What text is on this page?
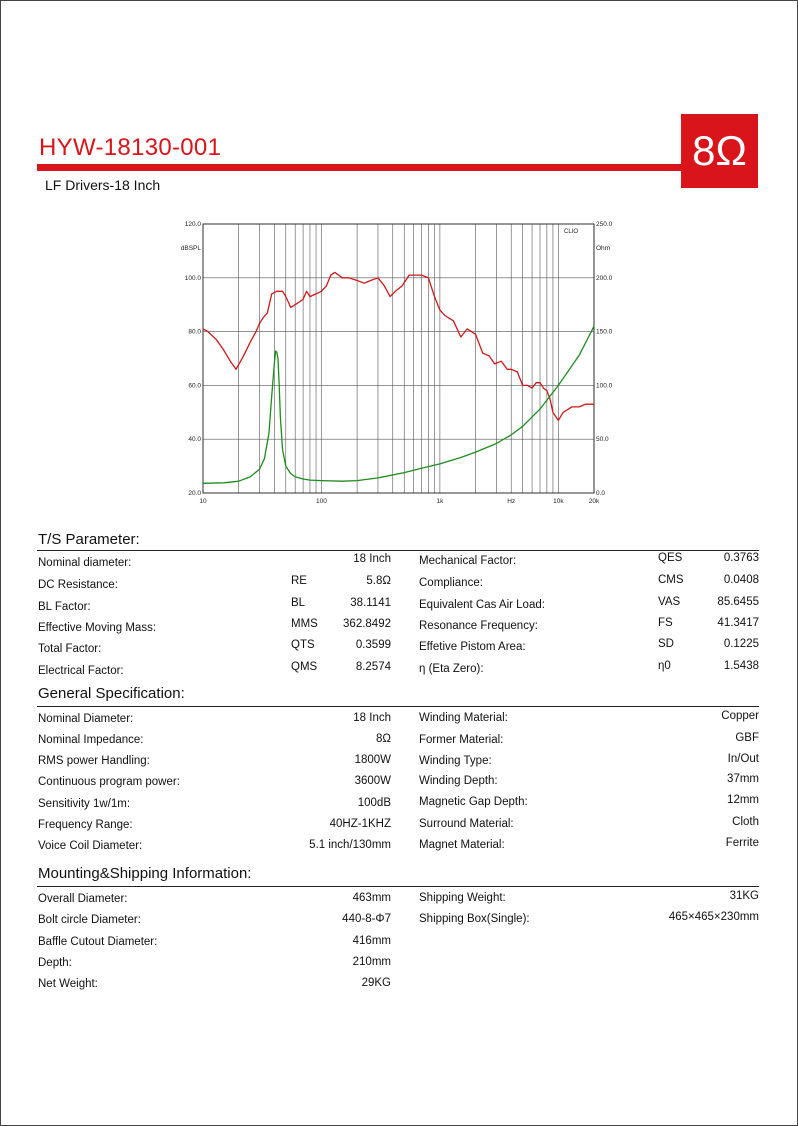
HYW-18130-001	8Ω
LF Drivers-18 Inch
20.0
40.0
60.0
80.0
100.0
120.0
dBSPL
0.0
50.0
100.0
150.0
200.0
250.0
Ohm
10	100	1k	Hz	10k	20k
CLIO
T/S Parameter:
Nominal diameter:	18 Inch
DC Resistance:	RE	5.8Ω
BL Factor:	BL	38.1141
Effective Moving Mass:	MMS	362.8492
Total Factor:	QTS	0.3599
Electrical Factor:	QMS	8.2574
Mechanical Factor:	QES	0.3763
Compliance:	CMS	0.0408
Equivalent Cas Air Load:	VAS	85.6455
Resonance Frequency:	FS	41.3417
Effetive Pistom Area:	SD	0.1225
η (Eta Zero):	η0	1.5438
General Specification:
Nominal Diameter:	18 Inch
Nominal Impedance:	8Ω
RMS power Handling:	1800W
Continuous program power:	3600W
Sensitivity 1w/1m:	100dB
Frequency Range:	40HZ-1KHZ
Voice Coil Diameter:	5.1 inch/130mm
Winding Material:	Copper
Former Material:	GBF
Winding Type:	In/Out
Winding Depth:	37mm
Magnetic Gap Depth:	12mm
Surround Material:	Cloth
Magnet Material:	Ferrite
Mounting&Shipping Information:
Overall Diameter:	463mm
Bolt circle Diameter:	440-8-Φ7
Baffle Cutout Diameter:	416mm
Depth:	210mm
Net Weight:	29KG
Shipping Weight:	31KG
Shipping Box(Single):	465×465×230mm
